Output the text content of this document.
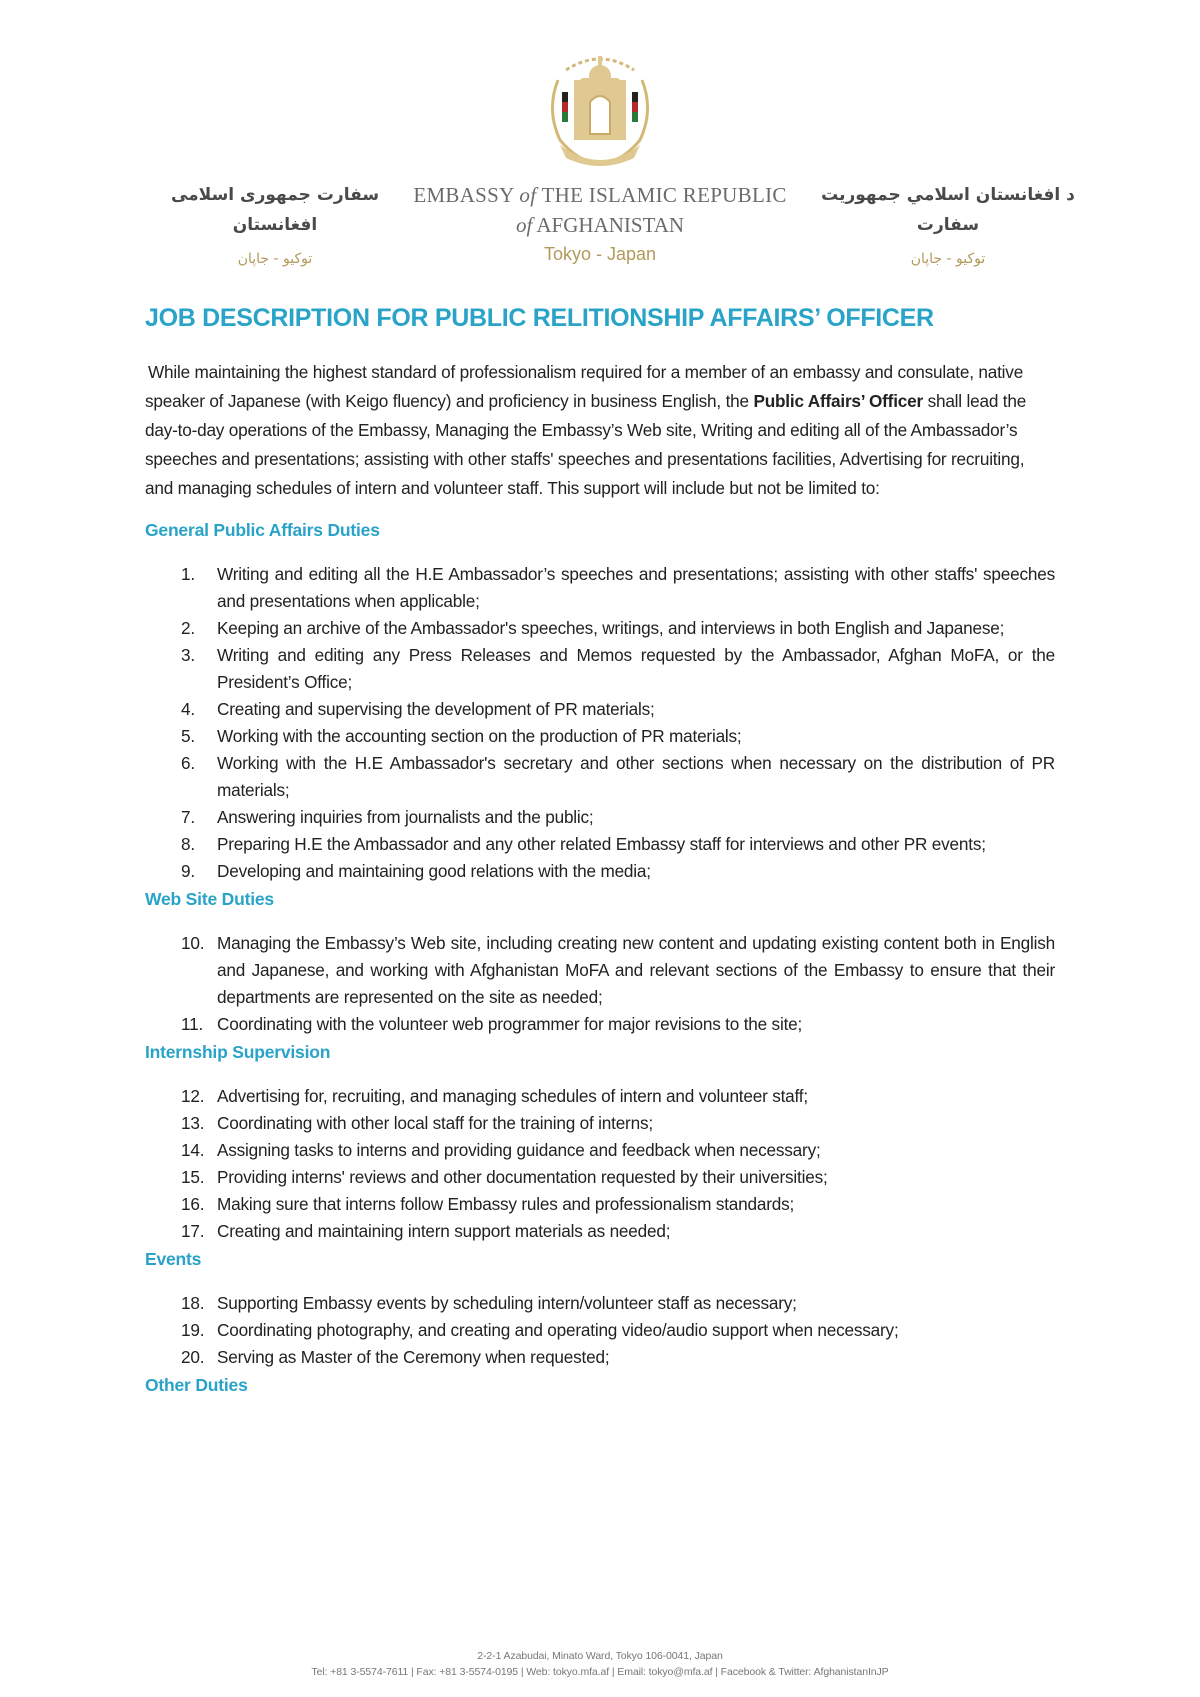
سفارت جمهوری اسلامی افغانستان
توکیو - جاپان
EMBASSY of THE ISLAMIC REPUBLIC
of AFGHANISTAN
Tokyo - Japan
د افغانستان اسلامي جمهوريت سفارت
توکیو - جاپان
JOB DESCRIPTION FOR PUBLIC RELITIONSHIP AFFAIRS’ OFFICER

While maintaining the highest standard of professionalism required for a member of an embassy and consulate, native speaker of Japanese (with Keigo fluency) and proficiency in business English, the Public Affairs’ Officer shall lead the day-to-day operations of the Embassy, Managing the Embassy’s Web site, Writing and editing all of the Ambassador’s speeches and presentations; assisting with other staffs' speeches and presentations facilities, Advertising for recruiting, and managing schedules of intern and volunteer staff. This support will include but not be limited to:

General Public Affairs Duties
1.	Writing and editing all the H.E Ambassador’s speeches and presentations; assisting with other staffs' speeches and presentations when applicable;
2.	Keeping an archive of the Ambassador's speeches, writings, and interviews in both English and Japanese;
3.	Writing and editing any Press Releases and Memos requested by the Ambassador, Afghan MoFA, or the President’s Office;
4.	Creating and supervising the development of PR materials;
5.	Working with the accounting section on the production of PR materials;
6.	Working with the H.E Ambassador's secretary and other sections when necessary on the distribution of PR materials;
7.	Answering inquiries from journalists and the public;
8.	Preparing H.E the Ambassador and any other related Embassy staff for interviews and other PR events;
9.	Developing and maintaining good relations with the media;
Web Site Duties
10. Managing the Embassy’s Web site, including creating new content and updating existing content both in English and Japanese, and working with Afghanistan MoFA and relevant sections of the Embassy to ensure that their departments are represented on the site as needed;
11. Coordinating with the volunteer web programmer for major revisions to the site;
Internship Supervision
12. Advertising for, recruiting, and managing schedules of intern and volunteer staff;
13. Coordinating with other local staff for the training of interns;
14. Assigning tasks to interns and providing guidance and feedback when necessary;
15. Providing interns' reviews and other documentation requested by their universities;
16. Making sure that interns follow Embassy rules and professionalism standards;
17. Creating and maintaining intern support materials as needed;
Events
18. Supporting Embassy events by scheduling intern/volunteer staff as necessary;
19. Coordinating photography, and creating and operating video/audio support when necessary;
20. Serving as Master of the Ceremony when requested;
Other Duties
2-2-1 Azabudai, Minato Ward, Tokyo 106-0041, Japan
Tel: +81 3-5574-7611 | Fax: +81 3-5574-0195 | Web: tokyo.mfa.af | Email: tokyo@mfa.af | Facebook & Twitter: AfghanistanInJP
